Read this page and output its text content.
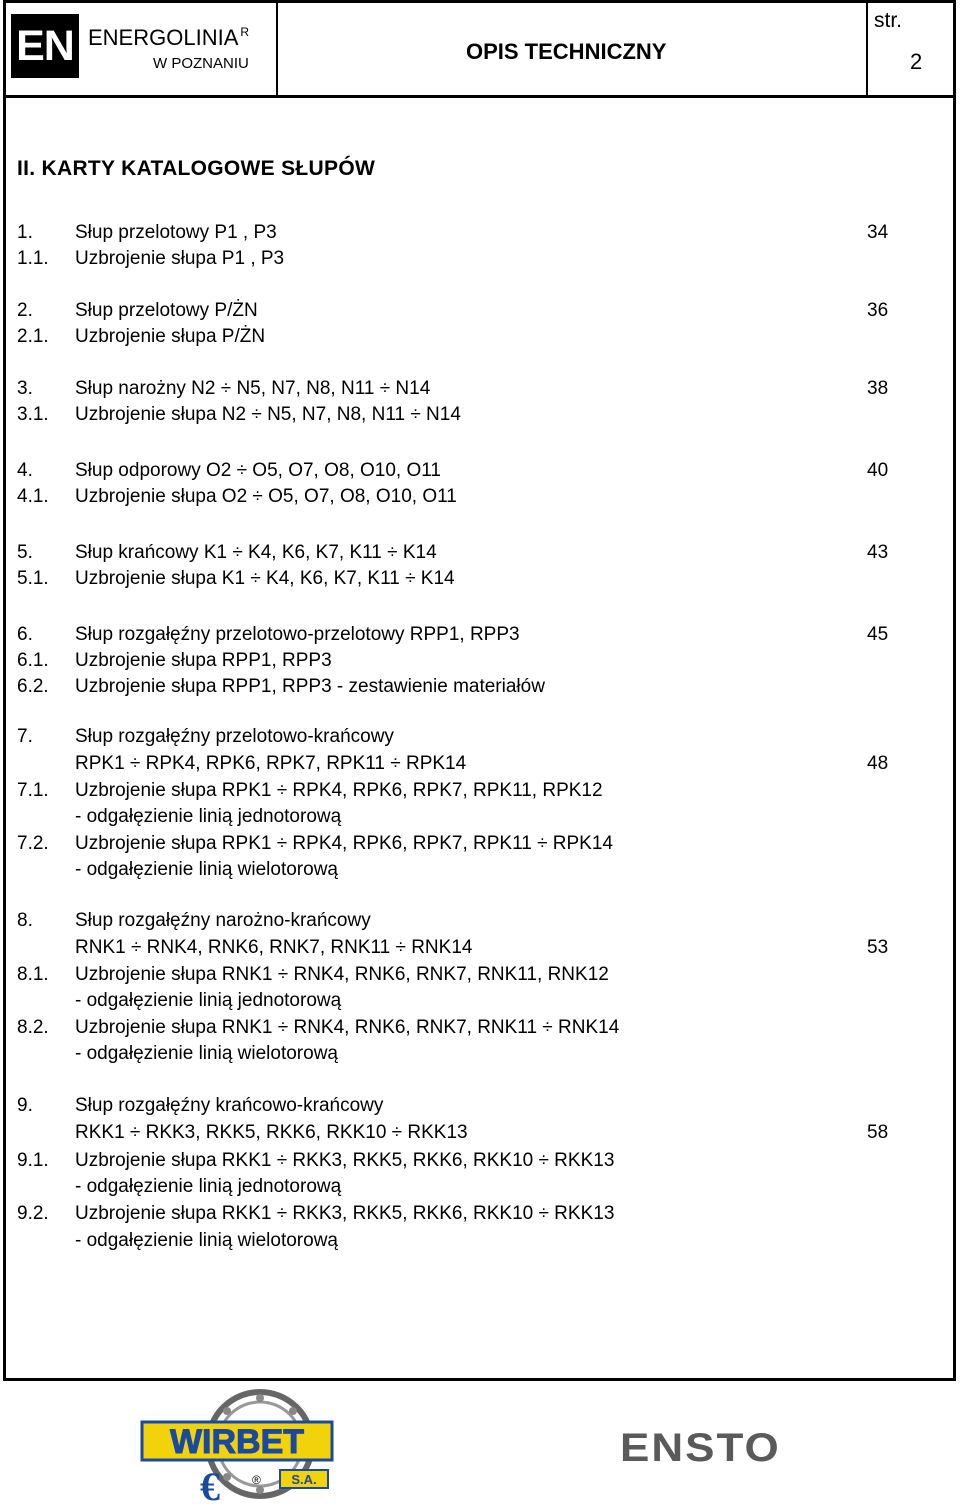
EN ENERGOLINIA $^R$
W POZNANIU	OPIS TECHNICZNY
str.
2
II. KARTY KATALOGOWE SŁUPÓW
1. Słup przelotowy P1 , P3	34
1.1. Uzbrojenie słupa P1 , P3
2. Słup przelotowy P/ŻN	36
2.1. Uzbrojenie słupa P/ŻN
3. Słup narożny N2 ÷ N5, N7, N8, N11 ÷ N14	38
3.1. Uzbrojenie słupa N2 ÷ N5, N7, N8, N11 ÷ N14
4. Słup odporowy O2 ÷ O5, O7, O8, O10, O11	40
4.1. Uzbrojenie słupa O2 ÷ O5, O7, O8, O10, O11
5. Słup krańcowy K1 ÷ K4, K6, K7, K11 ÷ K14	43
5.1. Uzbrojenie słupa K1 ÷ K4, K6, K7, K11 ÷ K14
6. Słup rozgałęźny przelotowo-przelotowy RPP1, RPP3	45
6.1. Uzbrojenie słupa RPP1, RPP3
6.2. Uzbrojenie słupa RPP1, RPP3 - zestawienie materiałów
7. Słup rozgałęźny przelotowo-krańcowy
RPK1 ÷ RPK4, RPK6, RPK7, RPK11 ÷ RPK14	48
7.1. Uzbrojenie słupa RPK1 ÷ RPK4, RPK6, RPK7, RPK11, RPK12
- odgałęzienie linią jednotorową
7.2. Uzbrojenie słupa RPK1 ÷ RPK4, RPK6, RPK7, RPK11 ÷ RPK14
- odgałęzienie linią wielotorową
8. Słup rozgałęźny narożno-krańcowy
RNK1 ÷ RNK4, RNK6, RNK7, RNK11 ÷ RNK14	53
8.1. Uzbrojenie słupa RNK1 ÷ RNK4, RNK6, RNK7, RNK11, RNK12
- odgałęzienie linią jednotorową
8.2. Uzbrojenie słupa RNK1 ÷ RNK4, RNK6, RNK7, RNK11 ÷ RNK14
- odgałęzienie linią wielotorową
9. Słup rozgałęźny krańcowo-krańcowy
RKK1 ÷ RKK3, RKK5, RKK6, RKK10 ÷ RKK13	58
9.1. Uzbrojenie słupa RKK1 ÷ RKK3, RKK5, RKK6, RKK10 ÷ RKK13
- odgałęzienie linią jednotorową
9.2. Uzbrojenie słupa RKK1 ÷ RKK3, RKK5, RKK6, RKK10 ÷ RKK13
- odgałęzienie linią wielotorową
WIRBET
€	® S.A.
ENSTO
